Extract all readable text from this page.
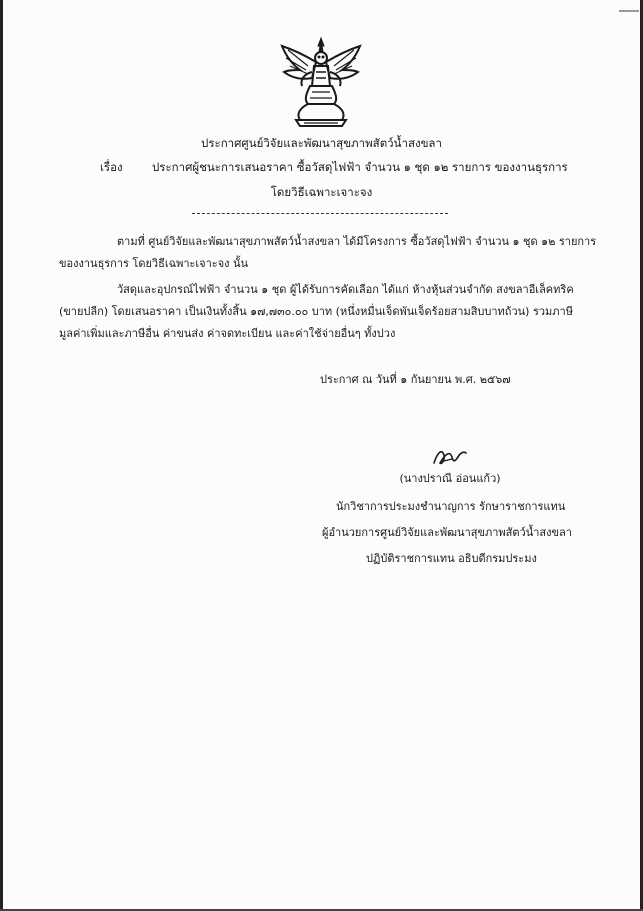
ประกาศศูนย์วิจัยและพัฒนาสุขภาพสัตว์น้ำสงขลา
เรื่อง	ประกาศผู้ชนะการเสนอราคา ซื้อวัสดุไฟฟ้า จำนวน ๑ ชุด ๑๒ รายการ ของงานธุรการ
โดยวิธีเฉพาะเจาะจง
ตามที่ ศูนย์วิจัยและพัฒนาสุขภาพสัตว์น้ำสงขลา ได้มีโครงการ ซื้อวัสดุไฟฟ้า จำนวน ๑ ชุด ๑๒ รายการ
ของงานธุรการ โดยวิธีเฉพาะเจาะจง นั้น
วัสดุและอุปกรณ์ไฟฟ้า จำนวน ๑ ชุด ผู้ได้รับการคัดเลือก ได้แก่ ห้างหุ้นส่วนจำกัด สงขลาอีเล็คทริค
(ขายปลีก) โดยเสนอราคา เป็นเงินทั้งสิ้น ๑๗,๗๓๐.๐๐ บาท (หนึ่งหมื่นเจ็ดพันเจ็ดร้อยสามสิบบาทถ้วน) รวมภาษี
มูลค่าเพิ่มและภาษีอื่น ค่าขนส่ง ค่าจดทะเบียน และค่าใช้จ่ายอื่นๆ ทั้งปวง
ประกาศ ณ วันที่ ๑ กันยายน พ.ศ. ๒๕๖๗
(นางปราณี อ่อนแก้ว)
นักวิชาการประมงชำนาญการ รักษาราชการแทน
ผู้อำนวยการศูนย์วิจัยและพัฒนาสุขภาพสัตว์น้ำสงขลา
ปฏิบัติราชการแทน อธิบดีกรมประมง
